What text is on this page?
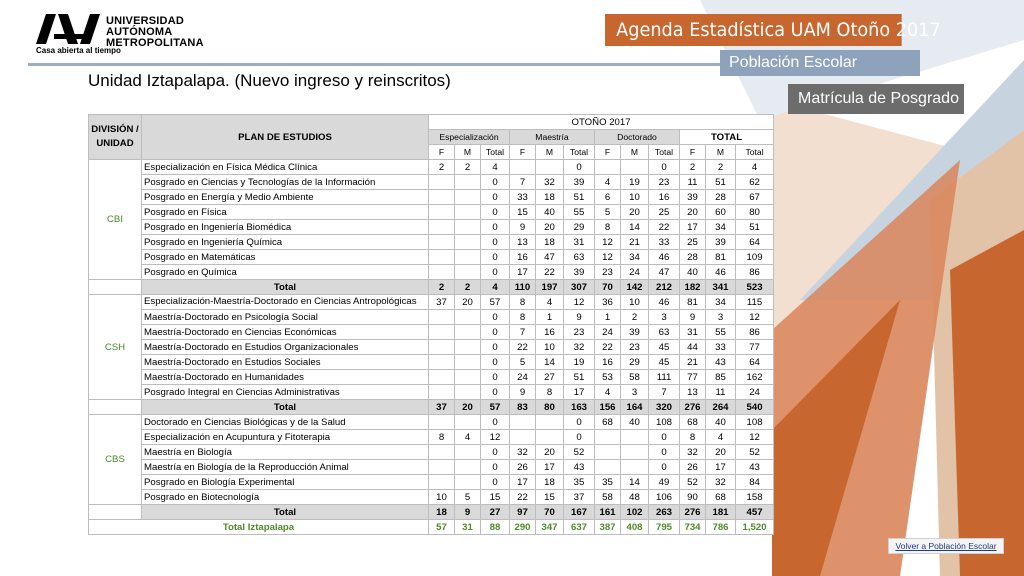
Casa abierta al tiempo
UNIVERSIDAD
AUTÓNOMA
METROPOLITANA
Agenda Estadística UAM Otoño 2017
Población Escolar
Matrícula de Posgrado
Unidad Iztapalapa. (Nuevo ingreso y reinscritos)
DIVISIÓN / UNIDAD	PLAN DE ESTUDIOS	OTOÑO 2017											
		Especialización			Maestría			Doctorado			TOTAL		
		F	M	Total	F	M	Total	F	M	Total	F	M	Total
CBI	Especialización en Física Médica Clínica	2	2	4			0			0	2	2	4
	Posgrado en Ciencias y Tecnologías de la Información			0	7	32	39	4	19	23	11	51	62
	Posgrado en Energía y Medio Ambiente			0	33	18	51	6	10	16	39	28	67
	Posgrado en Física			0	15	40	55	5	20	25	20	60	80
	Posgrado en Ingeniería Biomédica			0	9	20	29	8	14	22	17	34	51
	Posgrado en Ingeniería Química			0	13	18	31	12	21	33	25	39	64
	Posgrado en Matemáticas			0	16	47	63	12	34	46	28	81	109
	Posgrado en Química			0	17	22	39	23	24	47	40	46	86
	Total	2	2	4	110	197	307	70	142	212	182	341	523
CSH	Especialización-Maestría-Doctorado en Ciencias Antropológicas	37	20	57	8	4	12	36	10	46	81	34	115
	Maestría-Doctorado en Psicología Social			0	8	1	9	1	2	3	9	3	12
	Maestría-Doctorado en Ciencias Económicas			0	7	16	23	24	39	63	31	55	86
	Maestría-Doctorado en Estudios Organizacionales			0	22	10	32	22	23	45	44	33	77
	Maestría-Doctorado en Estudios Sociales			0	5	14	19	16	29	45	21	43	64
	Maestría-Doctorado en Humanidades			0	24	27	51	53	58	111	77	85	162
	Posgrado Integral en Ciencias Administrativas			0	9	8	17	4	3	7	13	11	24
	Total	37	20	57	83	80	163	156	164	320	276	264	540
CBS	Doctorado en Ciencias Biológicas y de la Salud			0			0	68	40	108	68	40	108
	Especialización en Acupuntura y Fitoterapia	8	4	12			0			0	8	4	12
	Maestría en Biología			0	32	20	52			0	32	20	52
	Maestría en Biología de la Reproducción Animal			0	26	17	43			0	26	17	43
	Posgrado en Biología Experimental			0	17	18	35	35	14	49	52	32	84
	Posgrado en Biotecnología	10	5	15	22	15	37	58	48	106	90	68	158
	Total	18	9	27	97	70	167	161	102	263	276	181	457
Total Iztapalapa		57	31	88	290	347	637	387	408	795	734	786	1,520
Volver a Población Escolar
